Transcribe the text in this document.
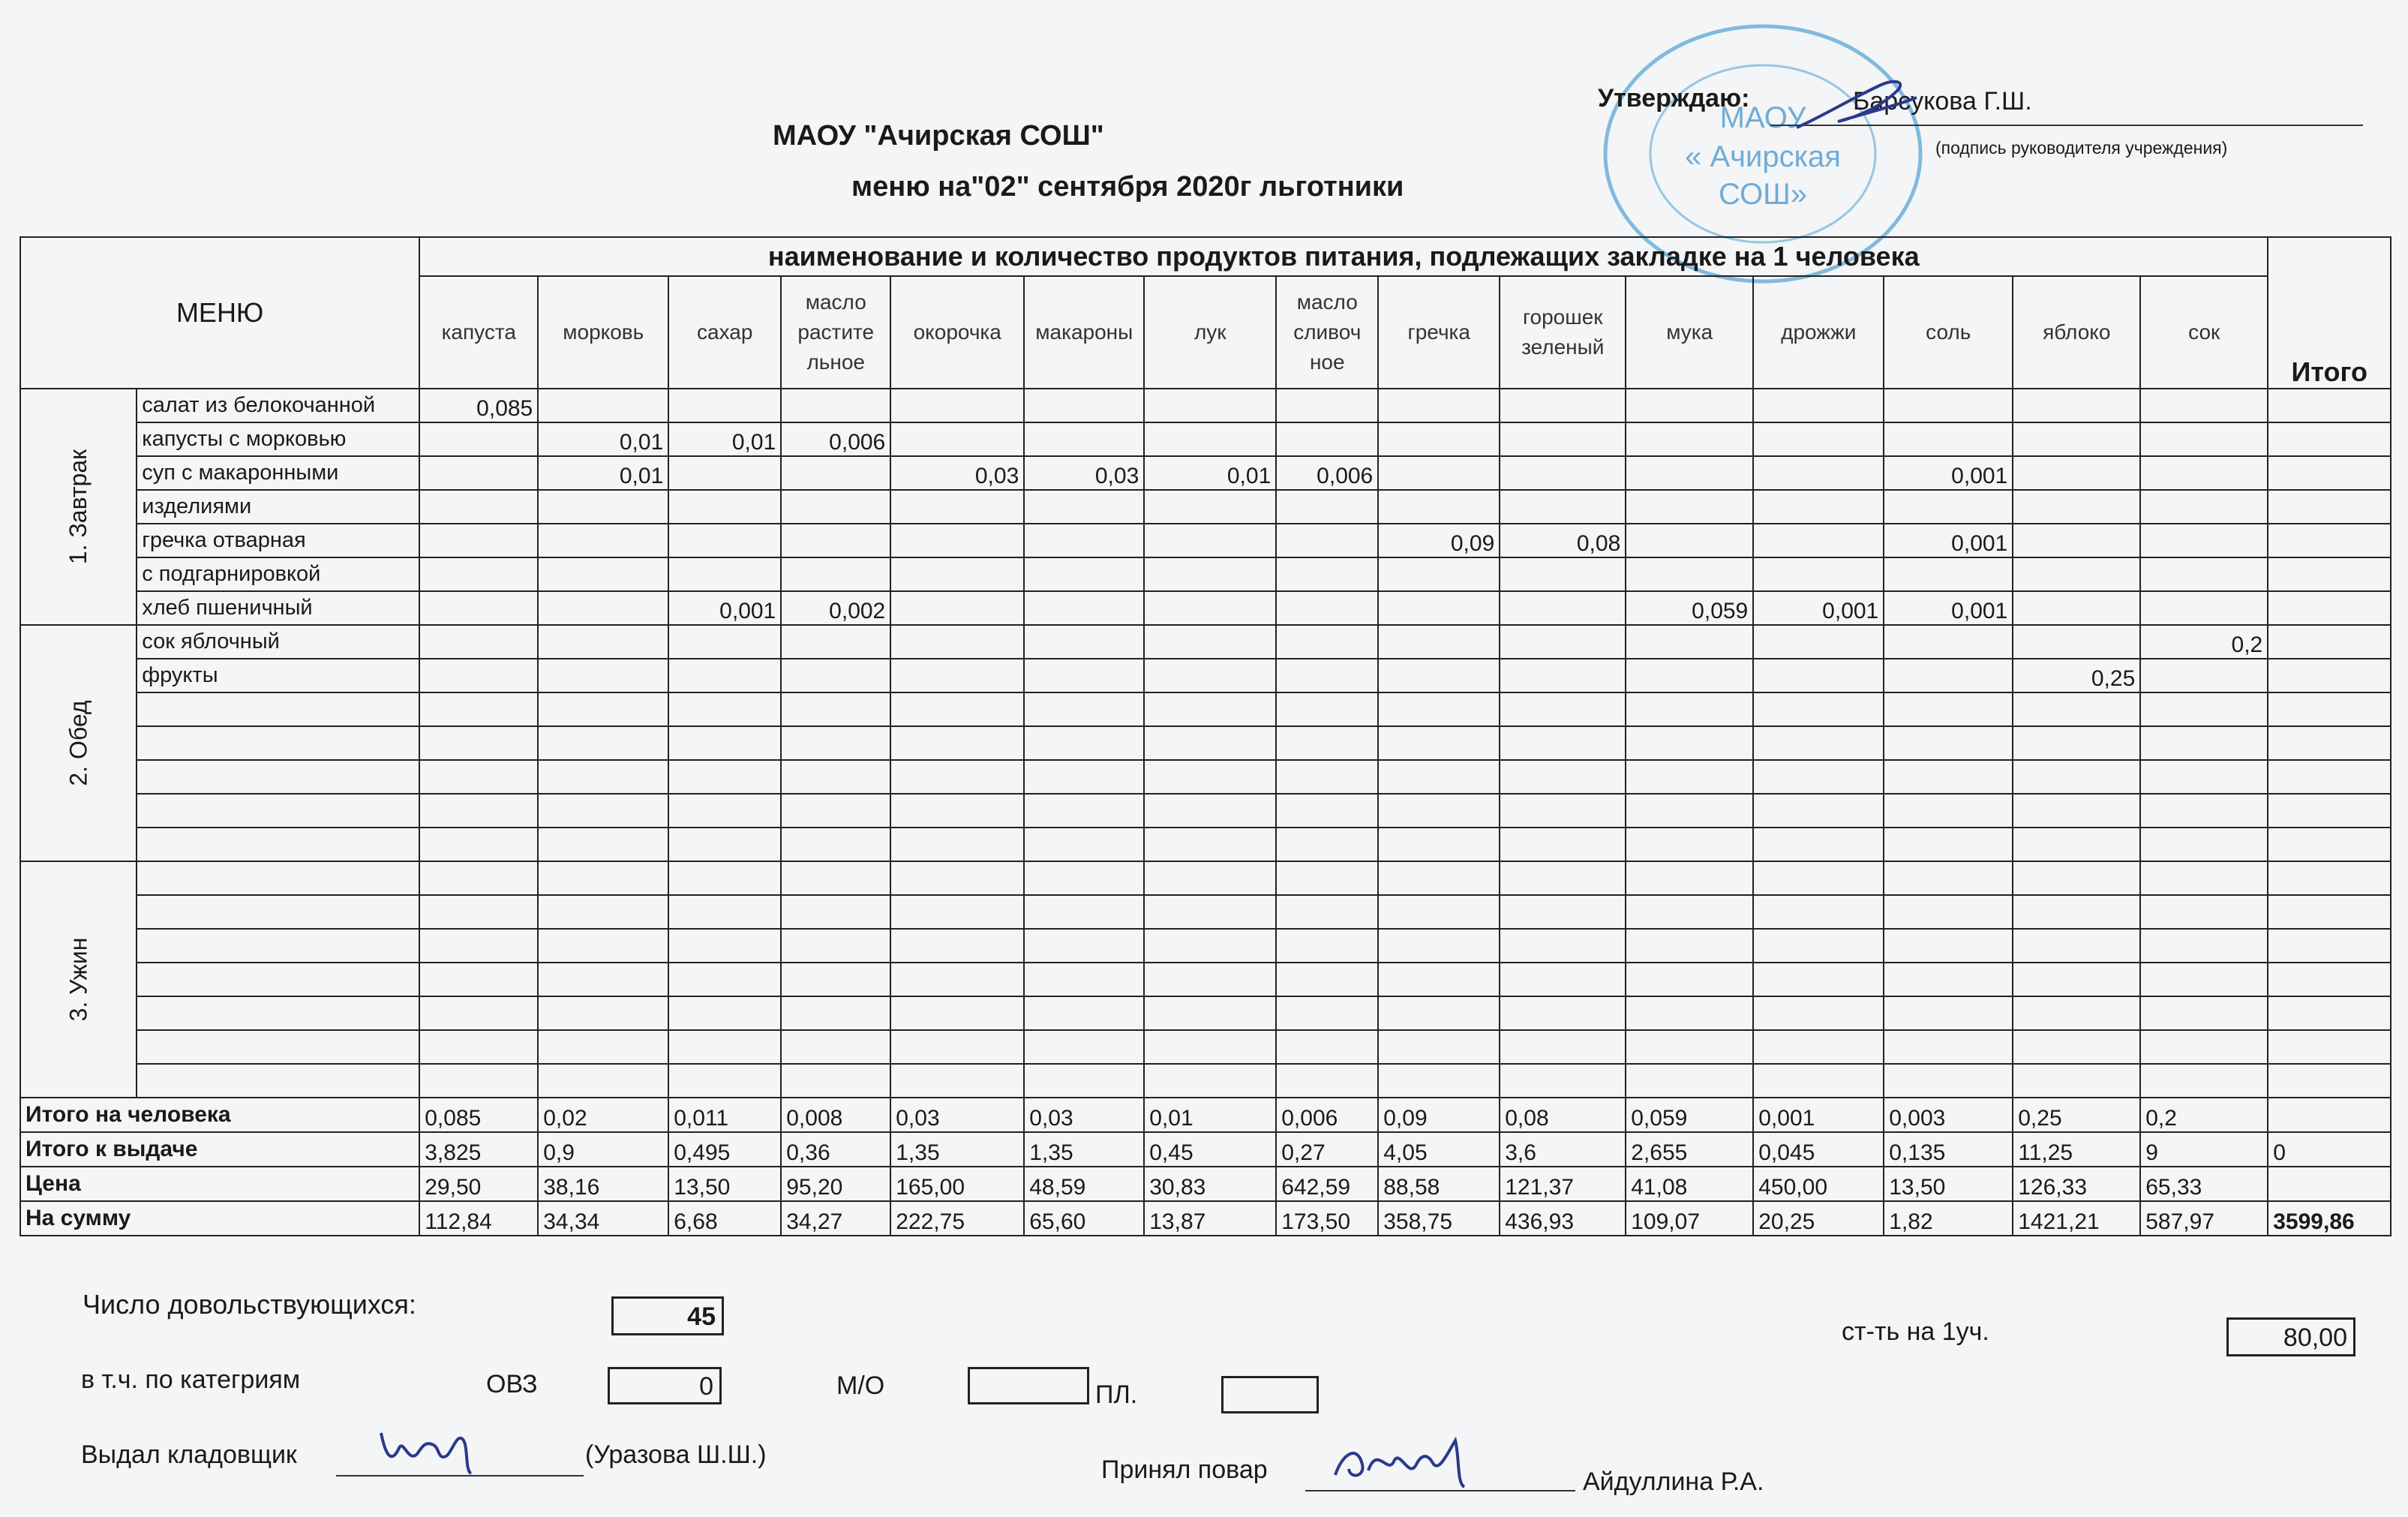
МАОУ "Ачирская СОШ"
меню на"02" сентября 2020г льготники
МАОУ
« Ачирская
СОШ»
Утверждаю:	Барсукова Г.Ш.
(подпись руководителя учреждения)
МЕНЮ		наименование и количество продуктов питания, подлежащих закладке на 1 человека															Итого
		капуста	морковь	сахар	масло растите льное	окорочка	макароны	лук	масло сливоч ное	гречка	горошек зеленый	мука	дрожжи	соль	яблоко	сок	
1. Завтрак	салат из белокочанной	0,085															
	капусты с морковью		0,01	0,01	0,006												
	суп с макаронными		0,01			0,03	0,03	0,01	0,006					0,001			
	изделиями																
	гречка отварная									0,09	0,08			0,001			
	с подгарнировкой																
	хлеб пшеничный			0,001	0,002							0,059	0,001	0,001			
2. Обед	сок яблочный															0,2	
	фрукты														0,25		

3. Ужин																	

Итого на человека		0,085	0,02	0,011	0,008	0,03	0,03	0,01	0,006	0,09	0,08	0,059	0,001	0,003	0,25	0,2	
Итого к выдаче		3,825	0,9	0,495	0,36	1,35	1,35	0,45	0,27	4,05	3,6	2,655	0,045	0,135	11,25	9	0
Цена		29,50	38,16	13,50	95,20	165,00	48,59	30,83	642,59	88,58	121,37	41,08	450,00	13,50	126,33	65,33	
На сумму		112,84	34,34	6,68	34,27	222,75	65,60	13,87	173,50	358,75	436,93	109,07	20,25	1,82	1421,21	587,97	3599,86
Число довольствующихся:	45
ст-ть на 1уч.	80,00
в т.ч. по категриям	ОВЗ	0	М/О	ПЛ.
Выдал кладовщик	(Уразова Ш.Ш.)
Принял повар	Айдуллина Р.А.
